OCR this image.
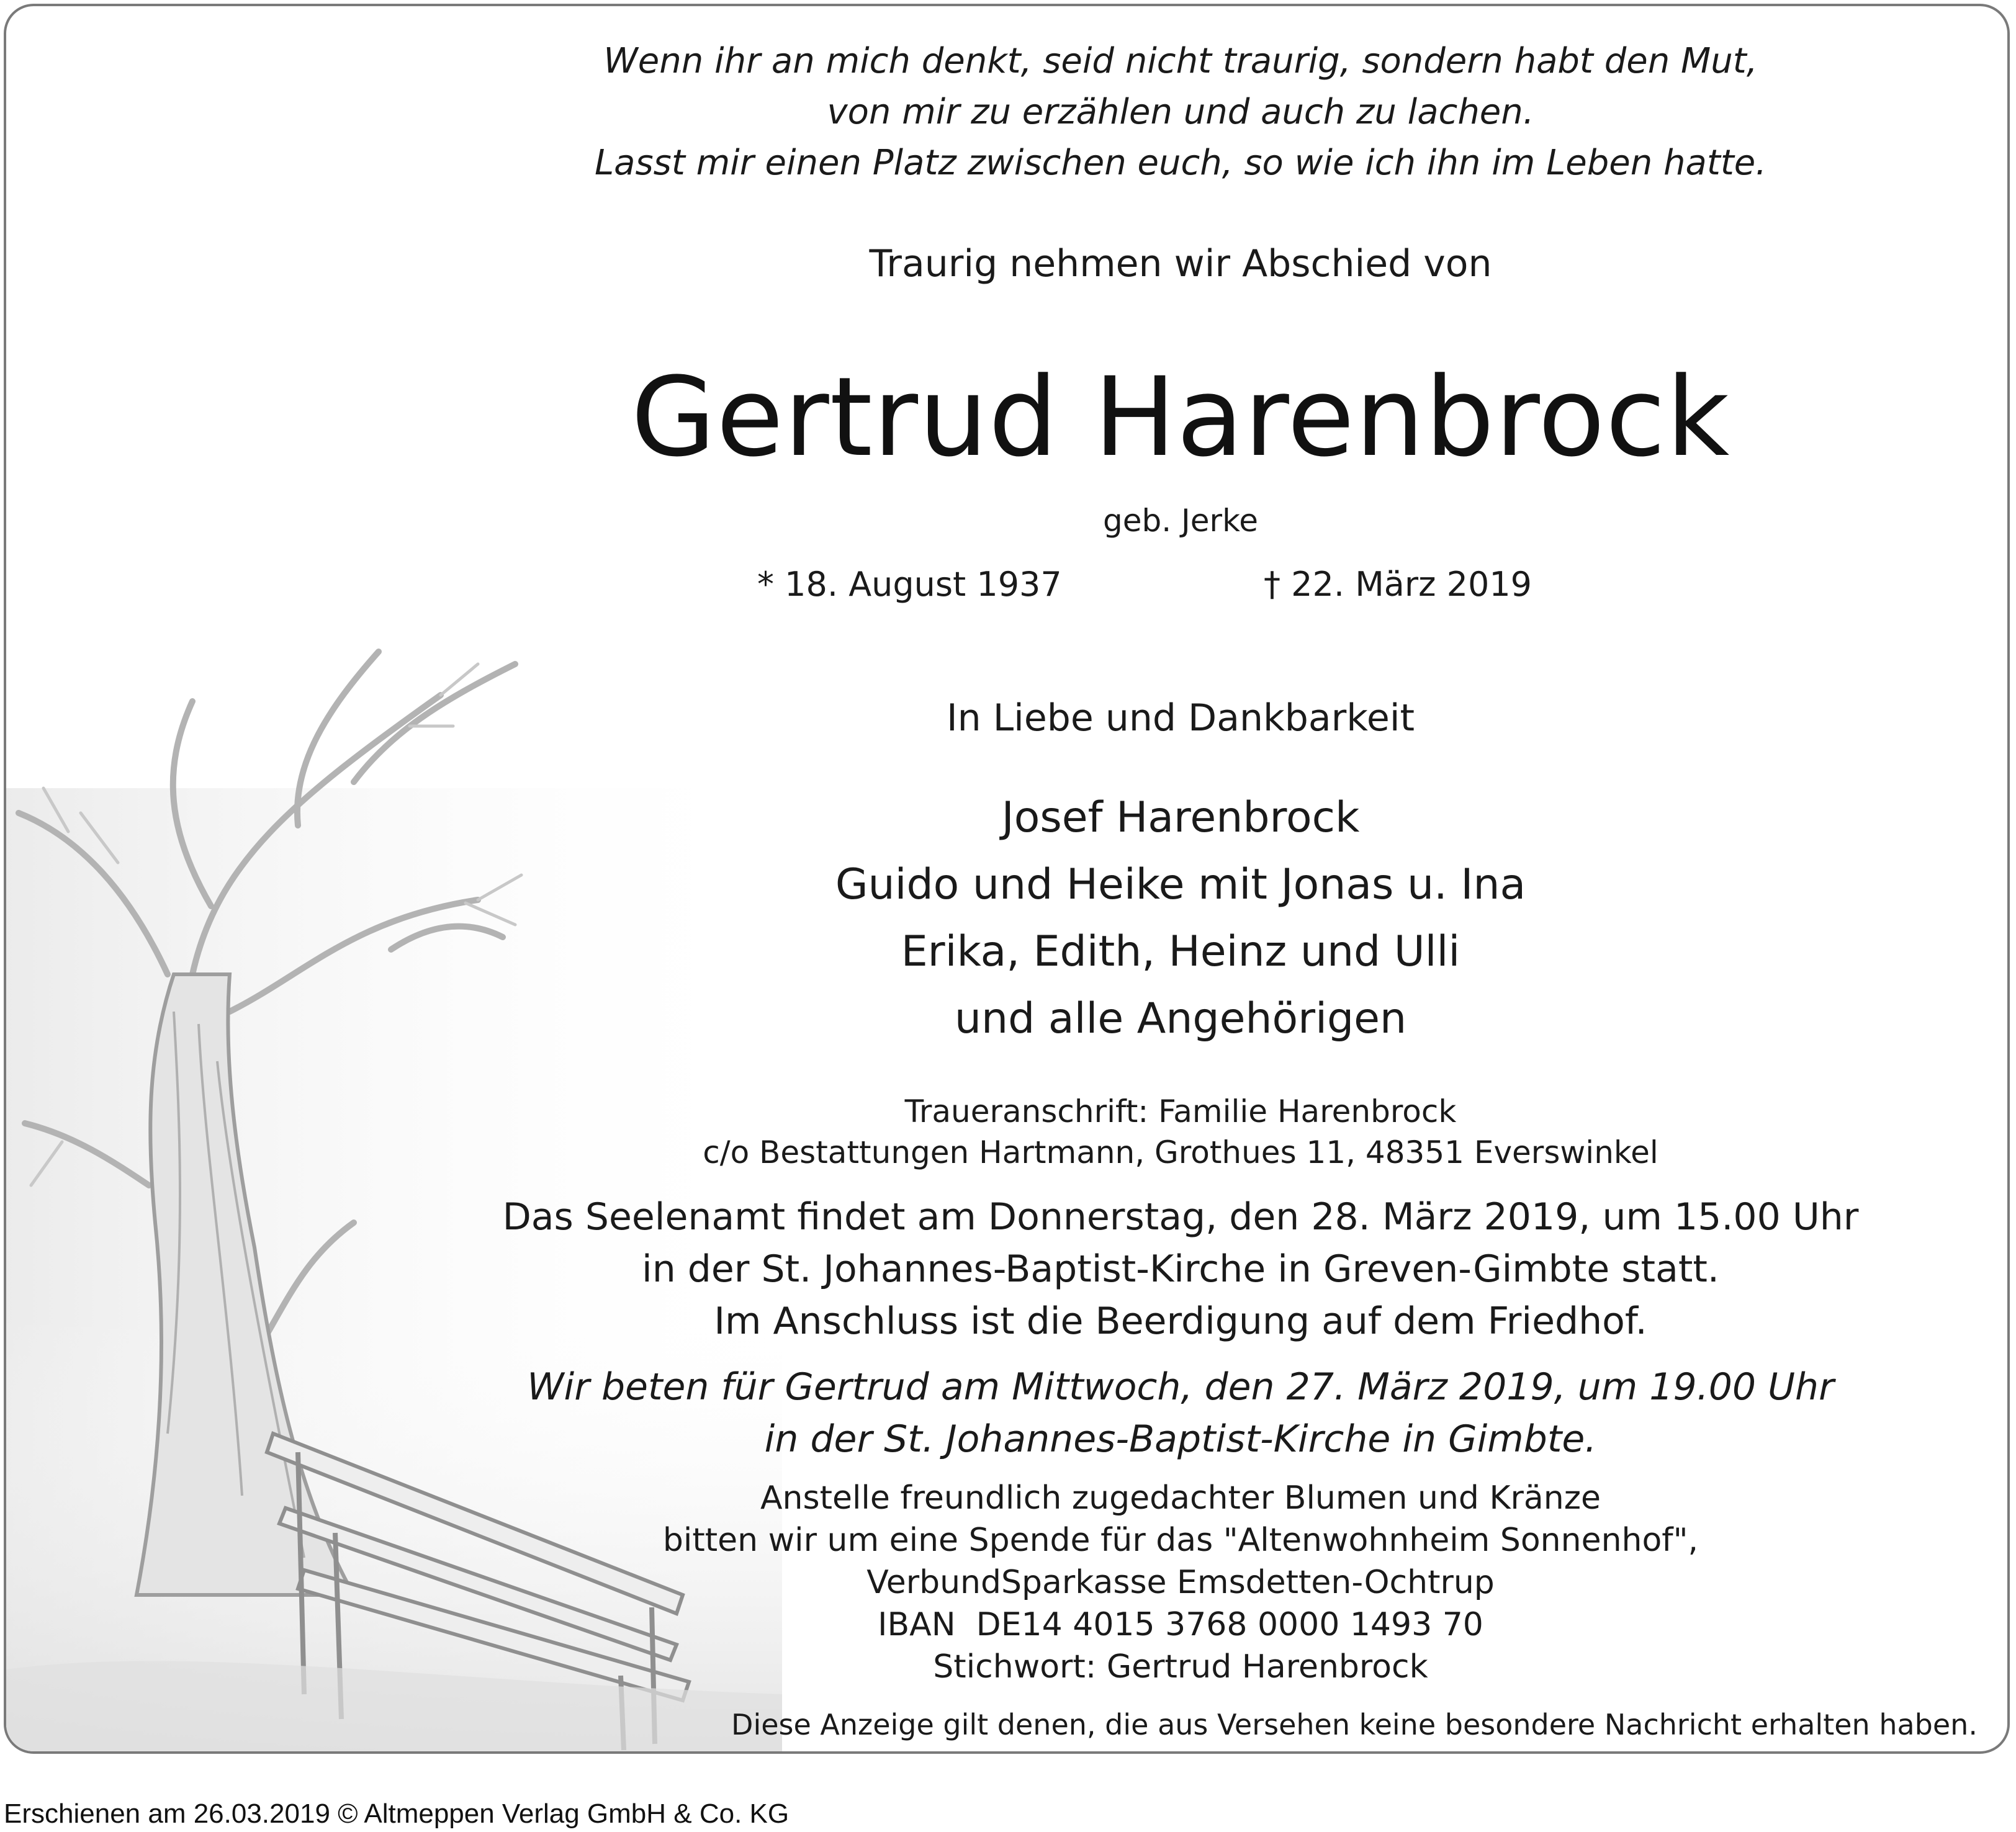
Wenn ihr an mich denkt, seid nicht traurig, sondern habt den Mut,
von mir zu erzählen und auch zu lachen.
Lasst mir einen Platz zwischen euch, so wie ich ihn im Leben hatte.
Traurig nehmen wir Abschied von
Gertrud Harenbrock
geb. Jerke
* 18. August 1937	† 22. März 2019
In Liebe und Dankbarkeit
Josef Harenbrock
Guido und Heike mit Jonas u. Ina
Erika, Edith, Heinz und Ulli
und alle Angehörigen
Traueranschrift: Familie Harenbrock
c/o Bestattungen Hartmann, Grothues 11, 48351 Everswinkel
Das Seelenamt findet am Donnerstag, den 28. März 2019, um 15.00 Uhr
in der St. Johannes-Baptist-Kirche in Greven-Gimbte statt.
Im Anschluss ist die Beerdigung auf dem Friedhof.
Wir beten für Gertrud am Mittwoch, den 27. März 2019, um 19.00 Uhr
in der St. Johannes-Baptist-Kirche in Gimbte.
Anstelle freundlich zugedachter Blumen und Kränze
bitten wir um eine Spende für das "Altenwohnheim Sonnenhof",
VerbundSparkasse Emsdetten-Ochtrup
IBAN  DE14 4015 3768 0000 1493 70
Stichwort: Gertrud Harenbrock
Diese Anzeige gilt denen, die aus Versehen keine besondere Nachricht erhalten haben.
Erschienen am 26.03.2019 © Altmeppen Verlag GmbH & Co. KG
